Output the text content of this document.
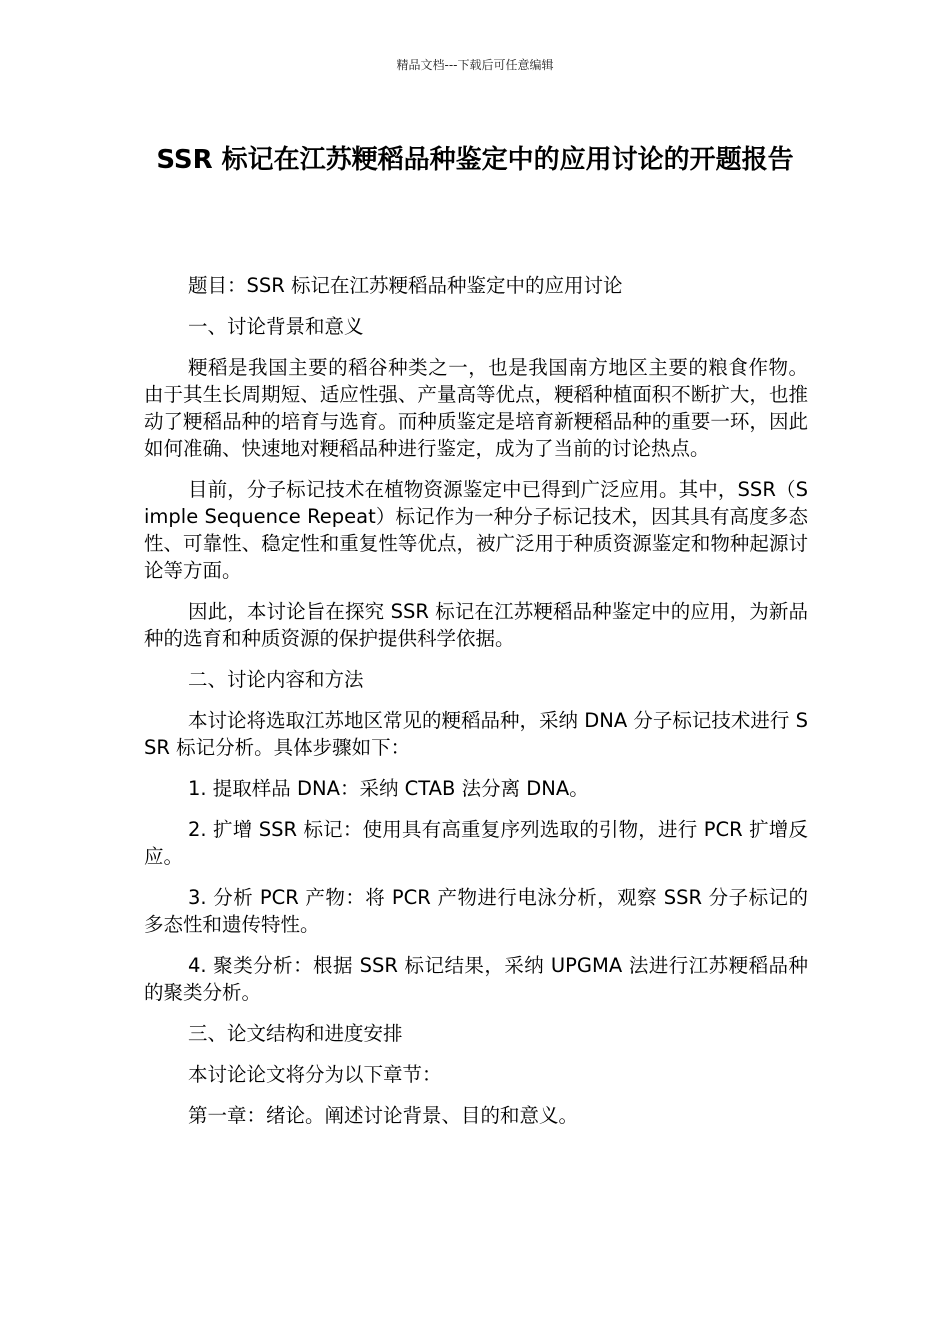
精品文档---下载后可任意编辑
SSR 标记在江苏粳稻品种鉴定中的应用讨论的开题报告

题目：SSR 标记在江苏粳稻品种鉴定中的应用讨论

一、讨论背景和意义

粳稻是我国主要的稻谷种类之一，也是我国南方地区主要的粮食作物。由于其生长周期短、适应性强、产量高等优点，粳稻种植面积不断扩大，也推动了粳稻品种的培育与选育。而种质鉴定是培育新粳稻品种的重要一环，因此如何准确、快速地对粳稻品种进行鉴定，成为了当前的讨论热点。

目前，分子标记技术在植物资源鉴定中已得到广泛应用。其中，SSR（Simple Sequence Repeat）标记作为一种分子标记技术，因其具有高度多态性、可靠性、稳定性和重复性等优点，被广泛用于种质资源鉴定和物种起源讨论等方面。

因此，本讨论旨在探究 SSR 标记在江苏粳稻品种鉴定中的应用，为新品种的选育和种质资源的保护提供科学依据。

二、讨论内容和方法

本讨论将选取江苏地区常见的粳稻品种，采纳 DNA 分子标记技术进行 SSR 标记分析。具体步骤如下：

1. 提取样品 DNA：采纳 CTAB 法分离 DNA。

2. 扩增 SSR 标记：使用具有高重复序列选取的引物，进行 PCR 扩增反应。

3. 分析 PCR 产物：将 PCR 产物进行电泳分析，观察 SSR 分子标记的多态性和遗传特性。

4. 聚类分析：根据 SSR 标记结果，采纳 UPGMA 法进行江苏粳稻品种的聚类分析。

三、论文结构和进度安排

本讨论论文将分为以下章节：

第一章：绪论。阐述讨论背景、目的和意义。
